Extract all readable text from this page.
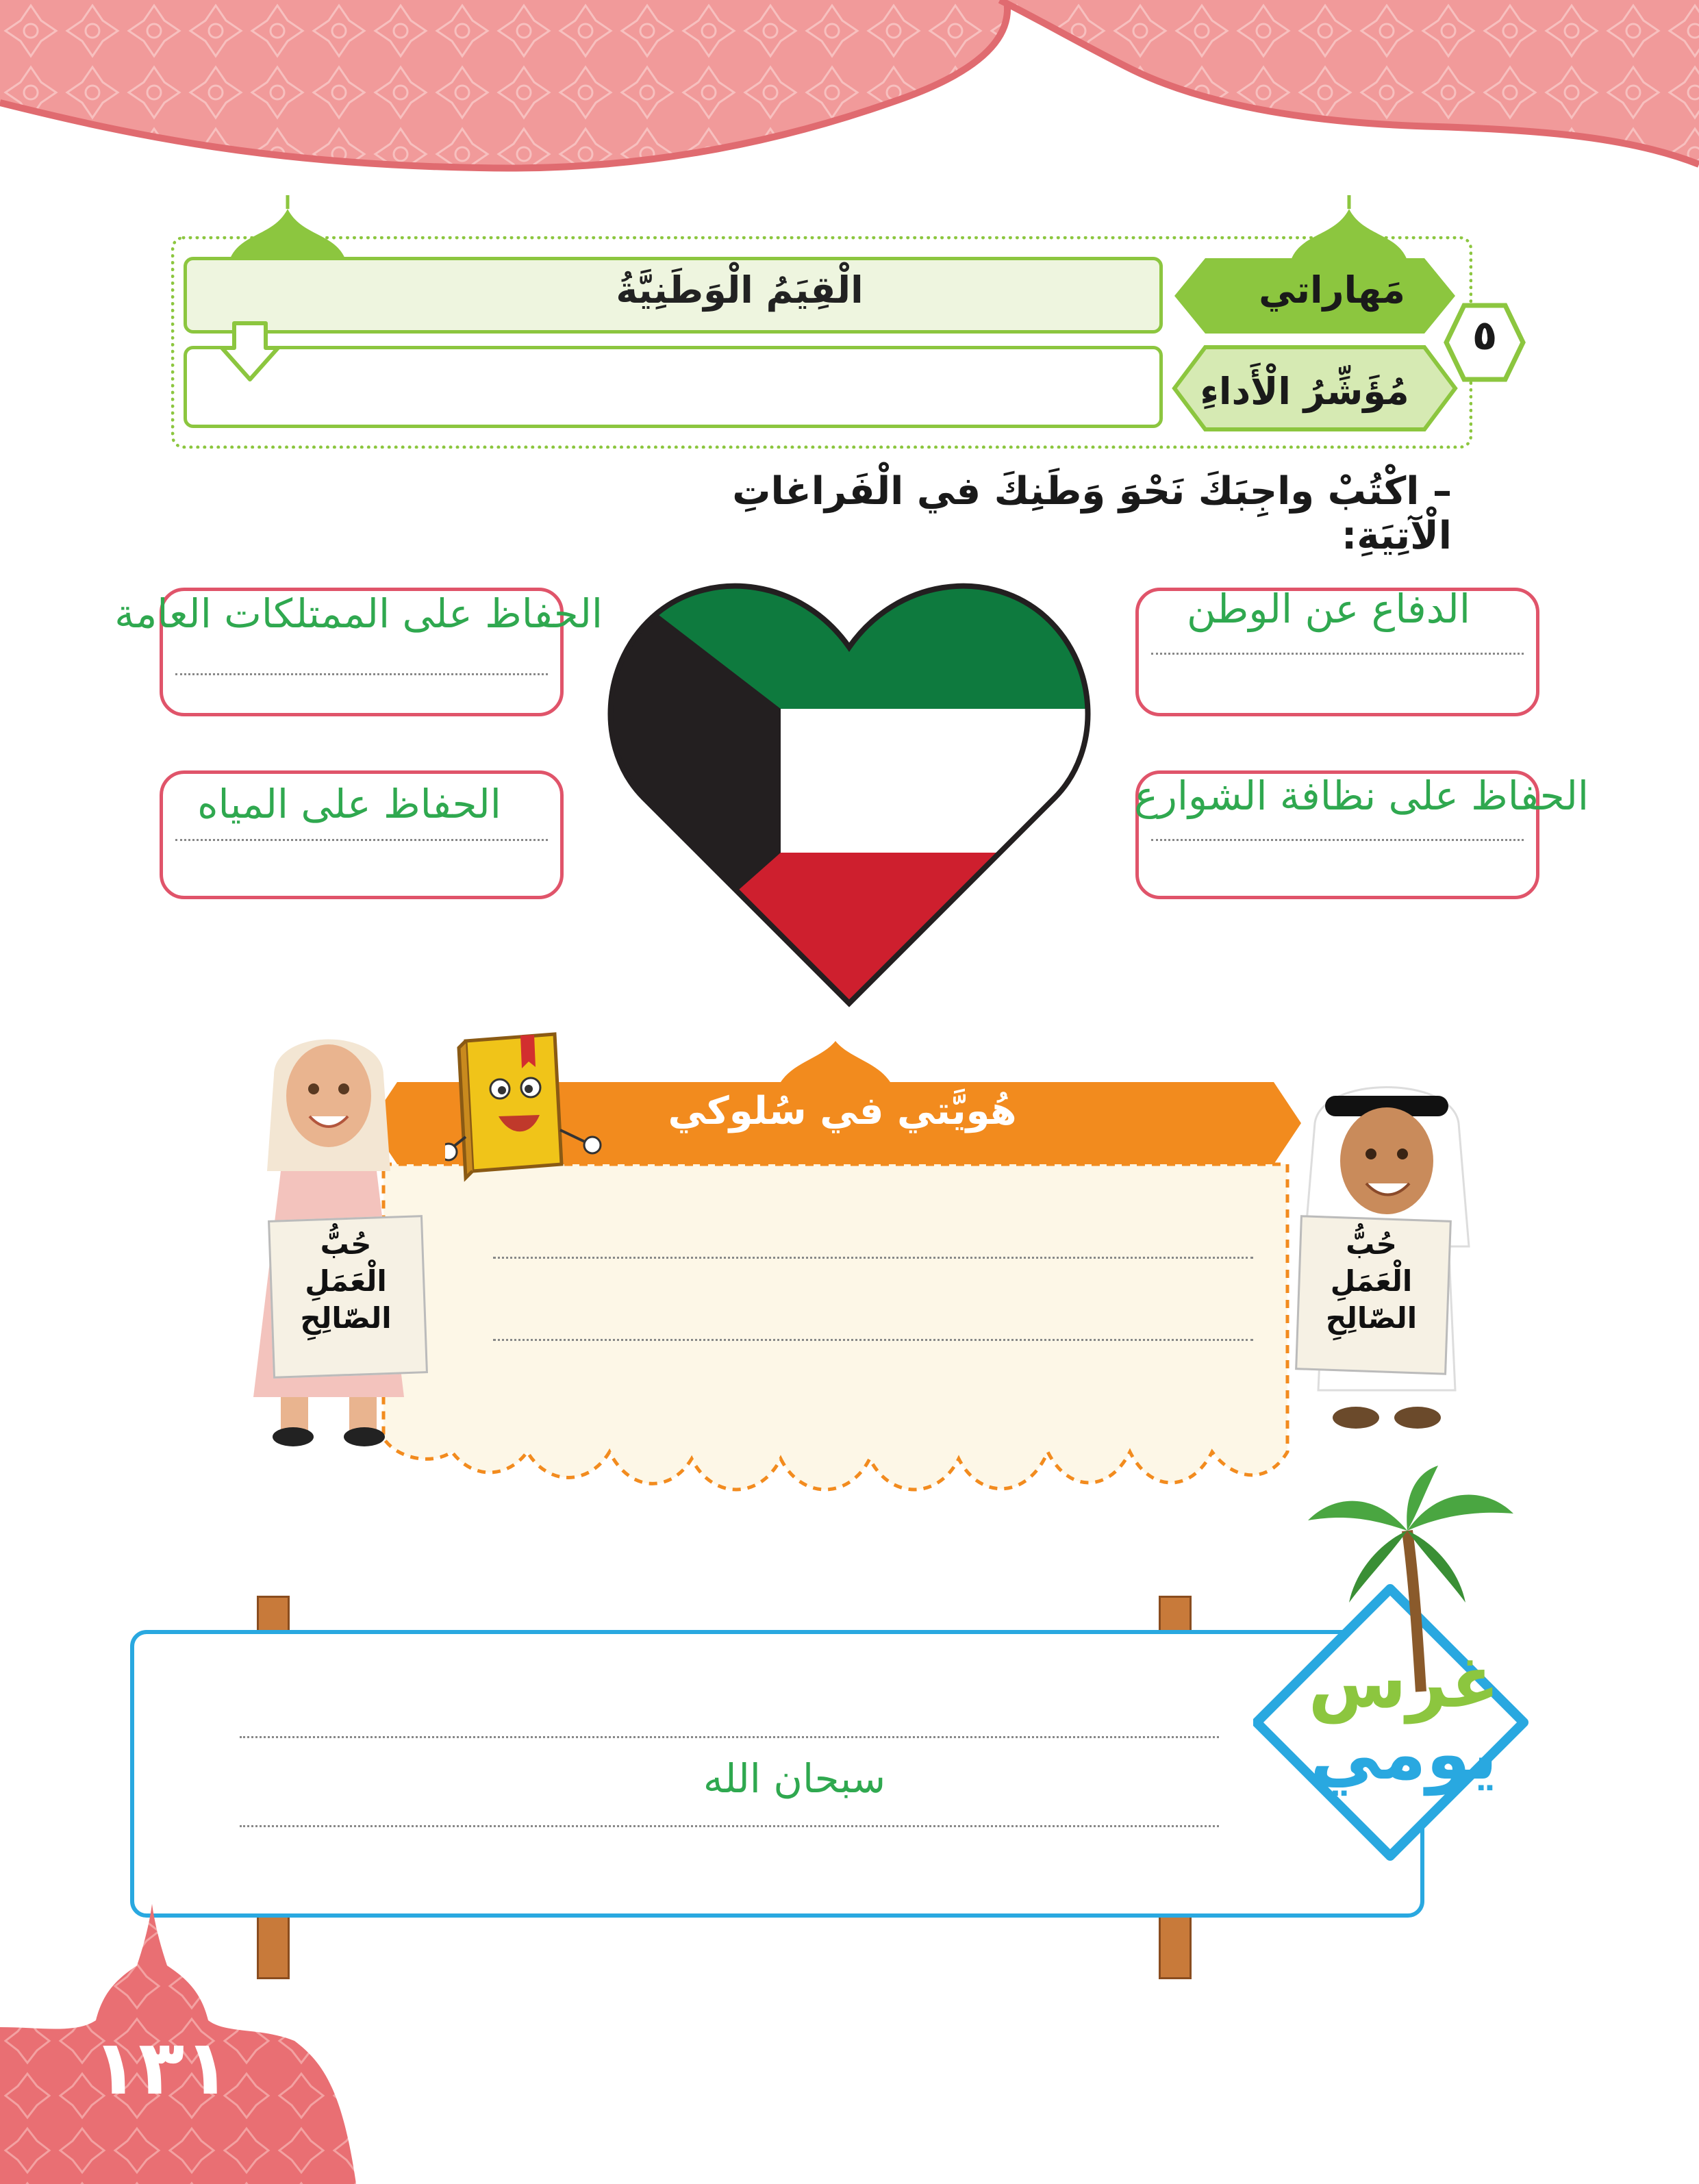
الْقِيَمُ الْوَطَنِيَّةُ	مَهاراتي
مُؤَشِّرُ الْأَداءِ
٥
– اكْتُبْ واجِبَكَ نَحْوَ وَطَنِكَ في الْفَراغاتِ الْآتِيَةِ:
الدفاع عن الوطن
الحفاظ على الممتلكات العامة
الحفاظ على نظافة الشوارع
الحفاظ على المياه
هُويَّتي في سُلوكي
حُبُّ
الْعَمَلِ
الصّالِحِ
حُبُّ
الْعَمَلِ
الصّالِحِ
سبحان الله
غرس
يومي
١٣١
